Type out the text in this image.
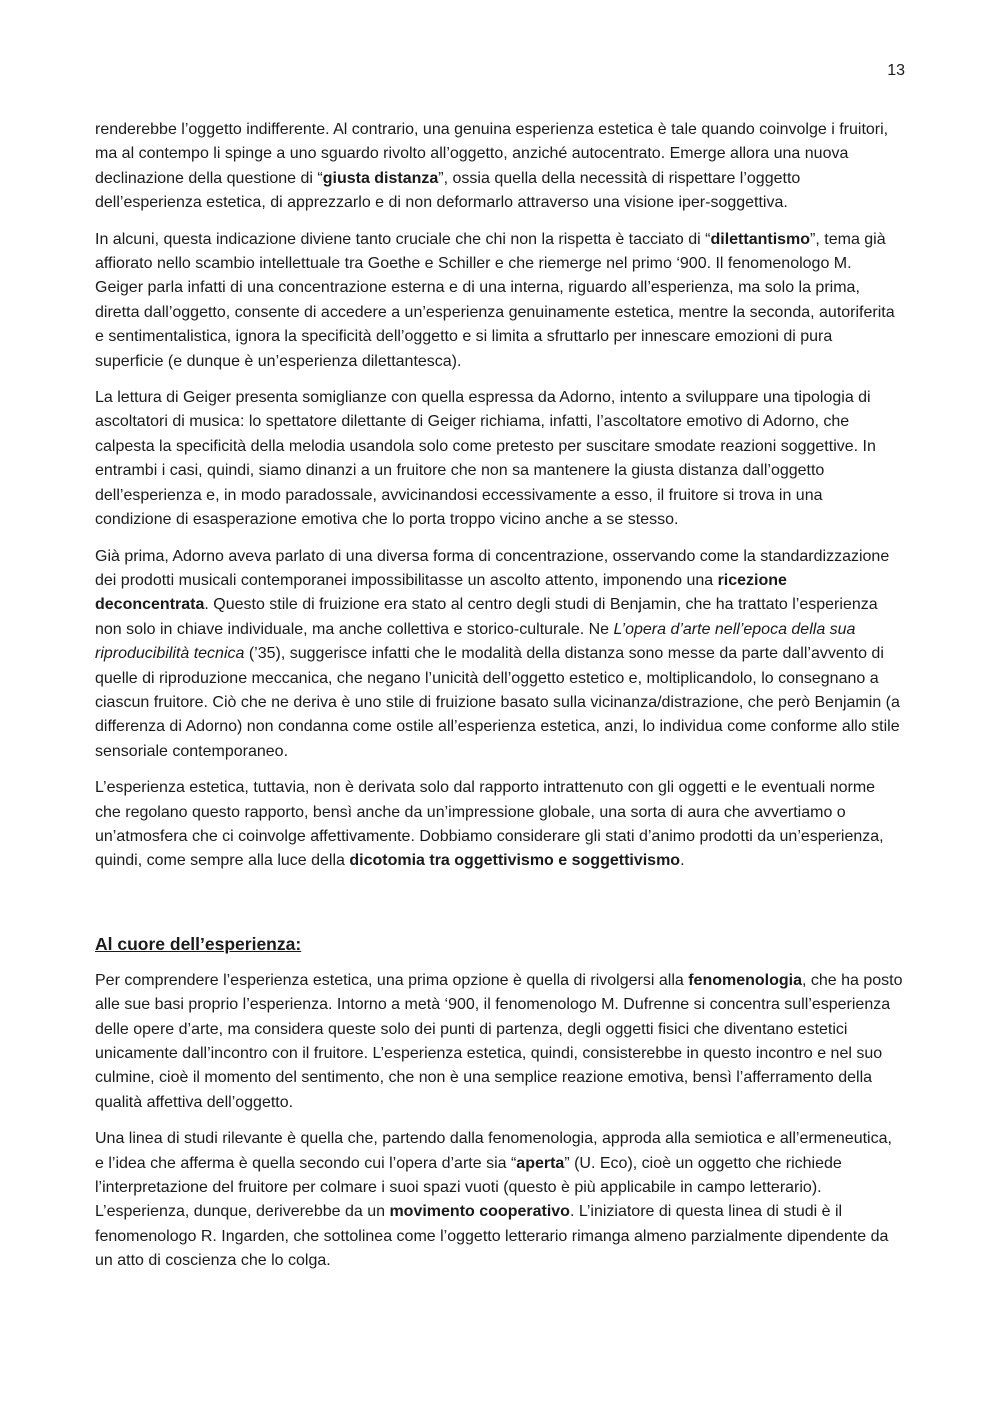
13

renderebbe l’oggetto indifferente. Al contrario, una genuina esperienza estetica è tale quando coinvolge i fruitori, ma al contempo li spinge a uno sguardo rivolto all’oggetto, anziché autocentrato. Emerge allora una nuova declinazione della questione di “giusta distanza”, ossia quella della necessità di rispettare l’oggetto dell’esperienza estetica, di apprezzarlo e di non deformarlo attraverso una visione iper-soggettiva.

In alcuni, questa indicazione diviene tanto cruciale che chi non la rispetta è tacciato di “dilettantismo”, tema già affiorato nello scambio intellettuale tra Goethe e Schiller e che riemerge nel primo ‘900. Il fenomenologo M. Geiger parla infatti di una concentrazione esterna e di una interna, riguardo all’esperienza, ma solo la prima, diretta dall’oggetto, consente di accedere a un’esperienza genuinamente estetica, mentre la seconda, autoriferita e sentimentalistica, ignora la specificità dell’oggetto e si limita a sfruttarlo per innescare emozioni di pura superficie (e dunque è un’esperienza dilettantesca).

La lettura di Geiger presenta somiglianze con quella espressa da Adorno, intento a sviluppare una tipologia di ascoltatori di musica: lo spettatore dilettante di Geiger richiama, infatti, l’ascoltatore emotivo di Adorno, che calpesta la specificità della melodia usandola solo come pretesto per suscitare smodate reazioni soggettive. In entrambi i casi, quindi, siamo dinanzi a un fruitore che non sa mantenere la giusta distanza dall’oggetto dell’esperienza e, in modo paradossale, avvicinandosi eccessivamente a esso, il fruitore si trova in una condizione di esasperazione emotiva che lo porta troppo vicino anche a se stesso.

Già prima, Adorno aveva parlato di una diversa forma di concentrazione, osservando come la standardizzazione dei prodotti musicali contemporanei impossibilitasse un ascolto attento, imponendo una ricezione deconcentrata. Questo stile di fruizione era stato al centro degli studi di Benjamin, che ha trattato l’esperienza non solo in chiave individuale, ma anche collettiva e storico-culturale. Ne L’opera d’arte nell’epoca della sua riproducibilità tecnica (’35), suggerisce infatti che le modalità della distanza sono messe da parte dall’avvento di quelle di riproduzione meccanica, che negano l’unicità dell’oggetto estetico e, moltiplicandolo, lo consegnano a ciascun fruitore. Ciò che ne deriva è uno stile di fruizione basato sulla vicinanza/distrazione, che però Benjamin (a differenza di Adorno) non condanna come ostile all’esperienza estetica, anzi, lo individua come conforme allo stile sensoriale contemporaneo.

L’esperienza estetica, tuttavia, non è derivata solo dal rapporto intrattenuto con gli oggetti e le eventuali norme che regolano questo rapporto, bensì anche da un’impressione globale, una sorta di aura che avvertiamo o un’atmosfera che ci coinvolge affettivamente. Dobbiamo considerare gli stati d’animo prodotti da un’esperienza, quindi, come sempre alla luce della dicotomia tra oggettivismo e soggettivismo.

Al cuore dell’esperienza:

Per comprendere l’esperienza estetica, una prima opzione è quella di rivolgersi alla fenomenologia, che ha posto alle sue basi proprio l’esperienza. Intorno a metà ‘900, il fenomenologo M. Dufrenne si concentra sull’esperienza delle opere d’arte, ma considera queste solo dei punti di partenza, degli oggetti fisici che diventano estetici unicamente dall’incontro con il fruitore. L’esperienza estetica, quindi, consisterebbe in questo incontro e nel suo culmine, cioè il momento del sentimento, che non è una semplice reazione emotiva, bensì l’afferramento della qualità affettiva dell’oggetto.

Una linea di studi rilevante è quella che, partendo dalla fenomenologia, approda alla semiotica e all’ermeneutica, e l’idea che afferma è quella secondo cui l’opera d’arte sia “aperta” (U. Eco), cioè un oggetto che richiede l’interpretazione del fruitore per colmare i suoi spazi vuoti (questo è più applicabile in campo letterario). L’esperienza, dunque, deriverebbe da un movimento cooperativo. L’iniziatore di questa linea di studi è il fenomenologo R. Ingarden, che sottolinea come l’oggetto letterario rimanga almeno parzialmente dipendente da un atto di coscienza che lo colga.
